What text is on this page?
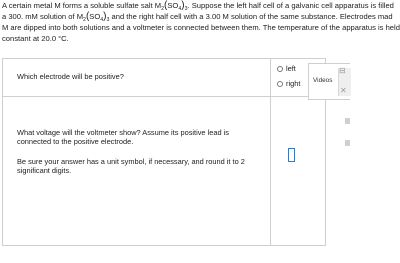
A certain metal M forms a soluble sulfate salt $M_2(SO_4)_3$. Suppose the left half cell of a galvanic cell apparatus is filled
a 300. mM solution of $M_2(SO_4)_3$ and the right half cell with a 3.00 M solution of the same substance. Electrodes mad
M are dipped into both solutions and a voltmeter is connected between them. The temperature of the apparatus is held
constant at 20.0 °C.
Which electrode will be positive?
left
right
What voltage will the voltmeter show? Assume its positive lead is connected to the positive electrode.
Be sure your answer has a unit symbol, if necessary, and round it to 2 significant digits.
Videos
⊟
✕
